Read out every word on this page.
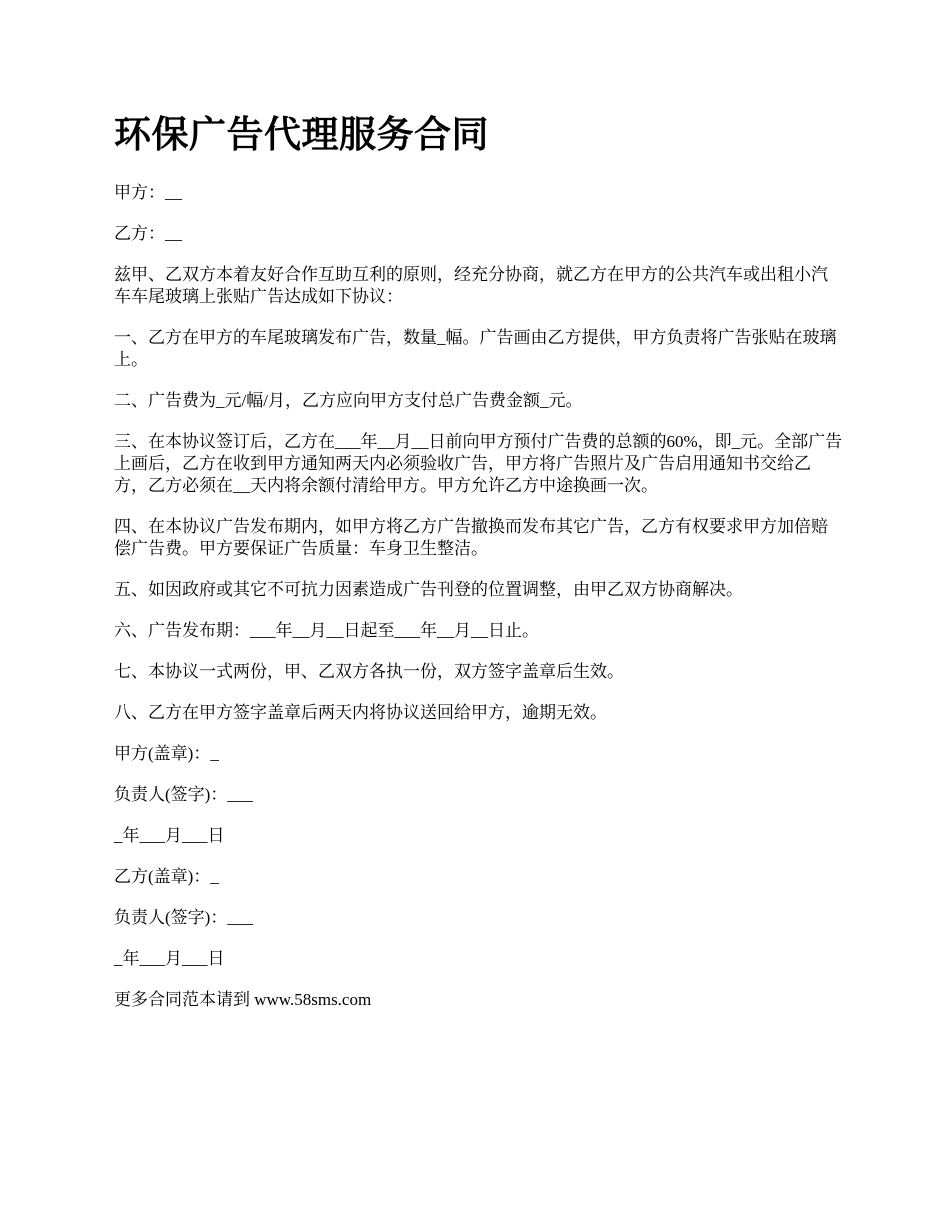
环保广告代理服务合同

甲方：__

乙方：__

兹甲、乙双方本着友好合作互助互利的原则，经充分协商，就乙方在甲方的公共汽车或出租小汽车车尾玻璃上张贴广告达成如下协议：

一、乙方在甲方的车尾玻璃发布广告，数量_幅。广告画由乙方提供，甲方负责将广告张贴在玻璃上。

二、广告费为_元/幅/月，乙方应向甲方支付总广告费金额_元。

三、在本协议签订后，乙方在___年__月__日前向甲方预付广告费的总额的60%，即_元。全部广告上画后，乙方在收到甲方通知两天内必须验收广告，甲方将广告照片及广告启用通知书交给乙方，乙方必须在__天内将余额付清给甲方。甲方允许乙方中途换画一次。

四、在本协议广告发布期内，如甲方将乙方广告撤换而发布其它广告，乙方有权要求甲方加倍赔偿广告费。甲方要保证广告质量：车身卫生整洁。

五、如因政府或其它不可抗力因素造成广告刊登的位置调整，由甲乙双方协商解决。

六、广告发布期：___年__月__日起至___年__月__日止。

七、本协议一式两份，甲、乙双方各执一份，双方签字盖章后生效。

八、乙方在甲方签字盖章后两天内将协议送回给甲方，逾期无效。

甲方(盖章)：_

负责人(签字)：___

_年___月___日

乙方(盖章)：_

负责人(签字)：___

_年___月___日

更多合同范本请到 www.58sms.com
